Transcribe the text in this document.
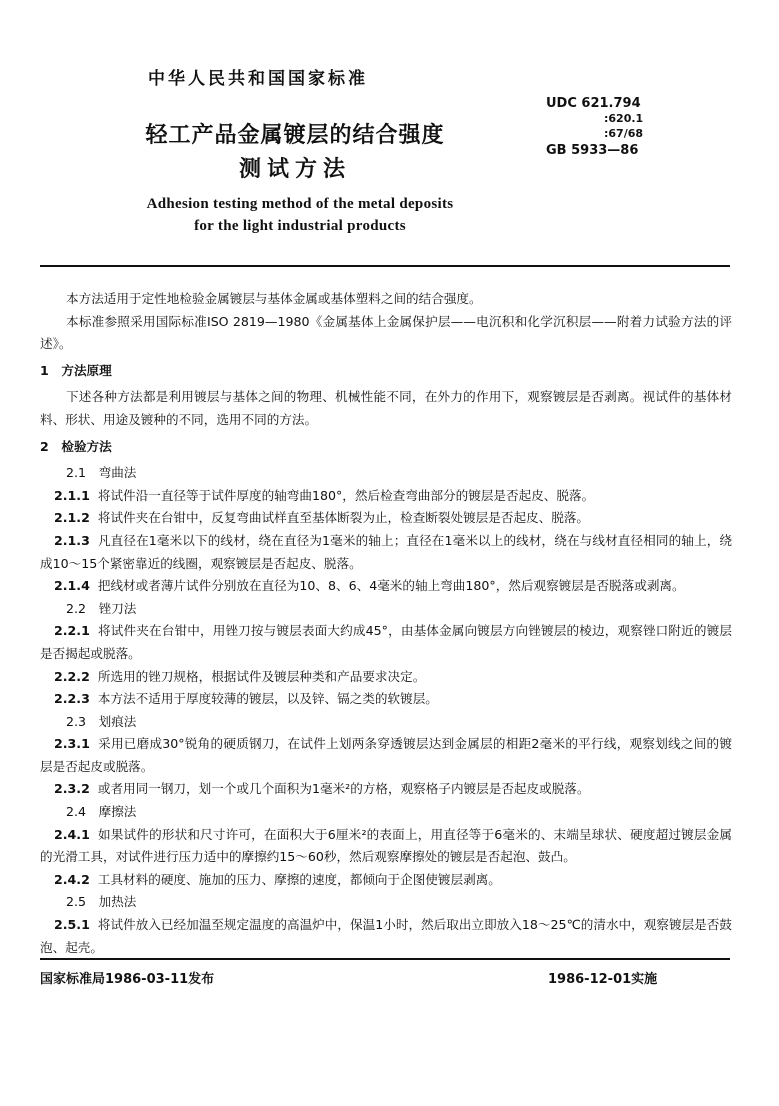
中华人民共和国国家标准
UDC 621.794
:620.1
:67/68
GB 5933—86
轻工产品金属镀层的结合强度
测试方法
Adhesion testing method of the metal deposits
for the light industrial products

本方法适用于定性地检验金属镀层与基体金属或基体塑料之间的结合强度。

本标准参照采用国际标准ISO 2819—1980《金属基体上金属保护层——电沉积和化学沉积层——附着力试验方法的评述》。

1　方法原理

下述各种方法都是利用镀层与基体之间的物理、机械性能不同，在外力的作用下，观察镀层是否剥离。视试件的基体材料、形状、用途及镀种的不同，选用不同的方法。

2　检验方法

2.1　弯曲法

2.1.1 将试件沿一直径等于试件厚度的轴弯曲180°，然后检查弯曲部分的镀层是否起皮、脱落。

2.1.2 将试件夹在台钳中，反复弯曲试样直至基体断裂为止，检查断裂处镀层是否起皮、脱落。

2.1.3 凡直径在1毫米以下的线材，绕在直径为1毫米的轴上；直径在1毫米以上的线材，绕在与线材直径相同的轴上，绕成10～15个紧密靠近的线圈，观察镀层是否起皮、脱落。

2.1.4 把线材或者薄片试件分别放在直径为10、8、6、4毫米的轴上弯曲180°，然后观察镀层是否脱落或剥离。

2.2　锉刀法

2.2.1 将试件夹在台钳中，用锉刀按与镀层表面大约成45°，由基体金属向镀层方向锉镀层的棱边，观察锉口附近的镀层是否揭起或脱落。

2.2.2 所选用的锉刀规格，根据试件及镀层种类和产品要求决定。

2.2.3 本方法不适用于厚度较薄的镀层，以及锌、镉之类的软镀层。

2.3　划痕法

2.3.1 采用已磨成30°锐角的硬质钢刀，在试件上划两条穿透镀层达到金属层的相距2毫米的平行线，观察划线之间的镀层是否起皮或脱落。

2.3.2 或者用同一钢刀，划一个或几个面积为1毫米²的方格，观察格子内镀层是否起皮或脱落。

2.4　摩擦法

2.4.1 如果试件的形状和尺寸许可，在面积大于6厘米²的表面上，用直径等于6毫米的、末端呈球状、硬度超过镀层金属的光滑工具，对试件进行压力适中的摩擦约15～60秒，然后观察摩擦处的镀层是否起泡、鼓凸。

2.4.2 工具材料的硬度、施加的压力、摩擦的速度，都倾向于企图使镀层剥离。

2.5　加热法

2.5.1 将试件放入已经加温至规定温度的高温炉中，保温1小时，然后取出立即放入18～25℃的清水中，观察镀层是否鼓泡、起壳。

国家标准局1986-03-11发布	1986-12-01实施
